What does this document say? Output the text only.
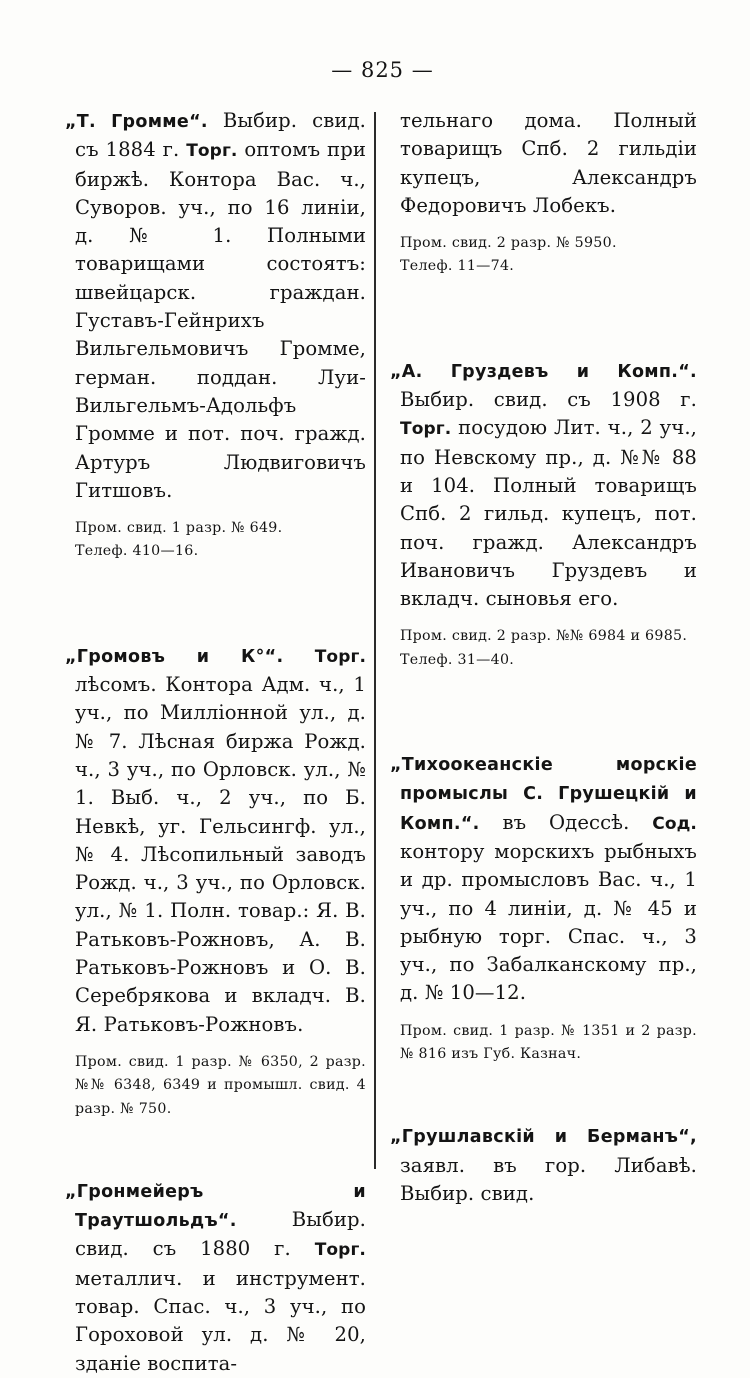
— 825 —

„Т. Громме“. Выбир. свид. съ 1884 г. Торг. оптомъ при биржѣ. Контора Вас. ч., Суворов. уч., по 16 линіи, д. № 1. Полными товарищами состоятъ: швейцарск. граждан. Густавъ-Гейнрихъ Вильгельмовичъ Громме, герман. поддан. Луи-Вильгельмъ-Адольфъ Громме и пот. поч. гражд. Артуръ Людвиговичъ Гитшовъ.

Пром. свид. 1 разр. № 649.

Телеф. 410—16.

„Громовъ и К°“. Торг. лѣсомъ. Контора Адм. ч., 1 уч., по Миллiонной ул., д. № 7. Лѣсная биржа Рожд. ч., 3 уч., по Орловск. ул., № 1. Выб. ч., 2 уч., по Б. Невкѣ, уг. Гельсингф. ул., № 4. Лѣсопильный заводъ Рожд. ч., 3 уч., по Орловск. ул., № 1. Полн. товар.: Я. В. Ратьковъ-Рожновъ, А. В. Ратьковъ-Рожновъ и О. В. Серебрякова и вкладч. В. Я. Ратьковъ-Рожновъ.

Пром. свид. 1 разр. № 6350, 2 разр. №№ 6348, 6349 и промышл. свид. 4 разр. № 750.

„Гронмейеръ и Траутшольдъ“. Выбир. свид. съ 1880 г. Торг. металлич. и инструмент. товар. Спас. ч., 3 уч., по Гороховой ул. д. № 20, зданіе воспита-

тельнаго дома. Полный товарищъ Спб. 2 гильдіи купецъ, Александръ Федоровичъ Лобекъ.

Пром. свид. 2 разр. № 5950.

Телеф. 11—74.

„А. Груздевъ и Комп.“. Выбир. свид. съ 1908 г. Торг. посудою Лит. ч., 2 уч., по Невскому пр., д. №№ 88 и 104. Полный товарищъ Спб. 2 гильд. купецъ, пот. поч. гражд. Александръ Ивановичъ Груздевъ и вкладч. сыновья его.

Пром. свид. 2 разр. №№ 6984 и 6985.

Телеф. 31—40.

„Тихоокеанскіе морскіе промыслы С. Грушецкій и Комп.“. въ Одессѣ. Сод. контору морскихъ рыбныхъ и др. промысловъ Вас. ч., 1 уч., по 4 линіи, д. № 45 и рыбную торг. Спас. ч., 3 уч., по Забалканскому пр., д. № 10—12.

Пром. свид. 1 разр. № 1351 и 2 разр. № 816 изъ Губ. Казнач.

„Грушлавскій и Берманъ“, заявл. въ гор. Либавѣ. Выбир. свид.
